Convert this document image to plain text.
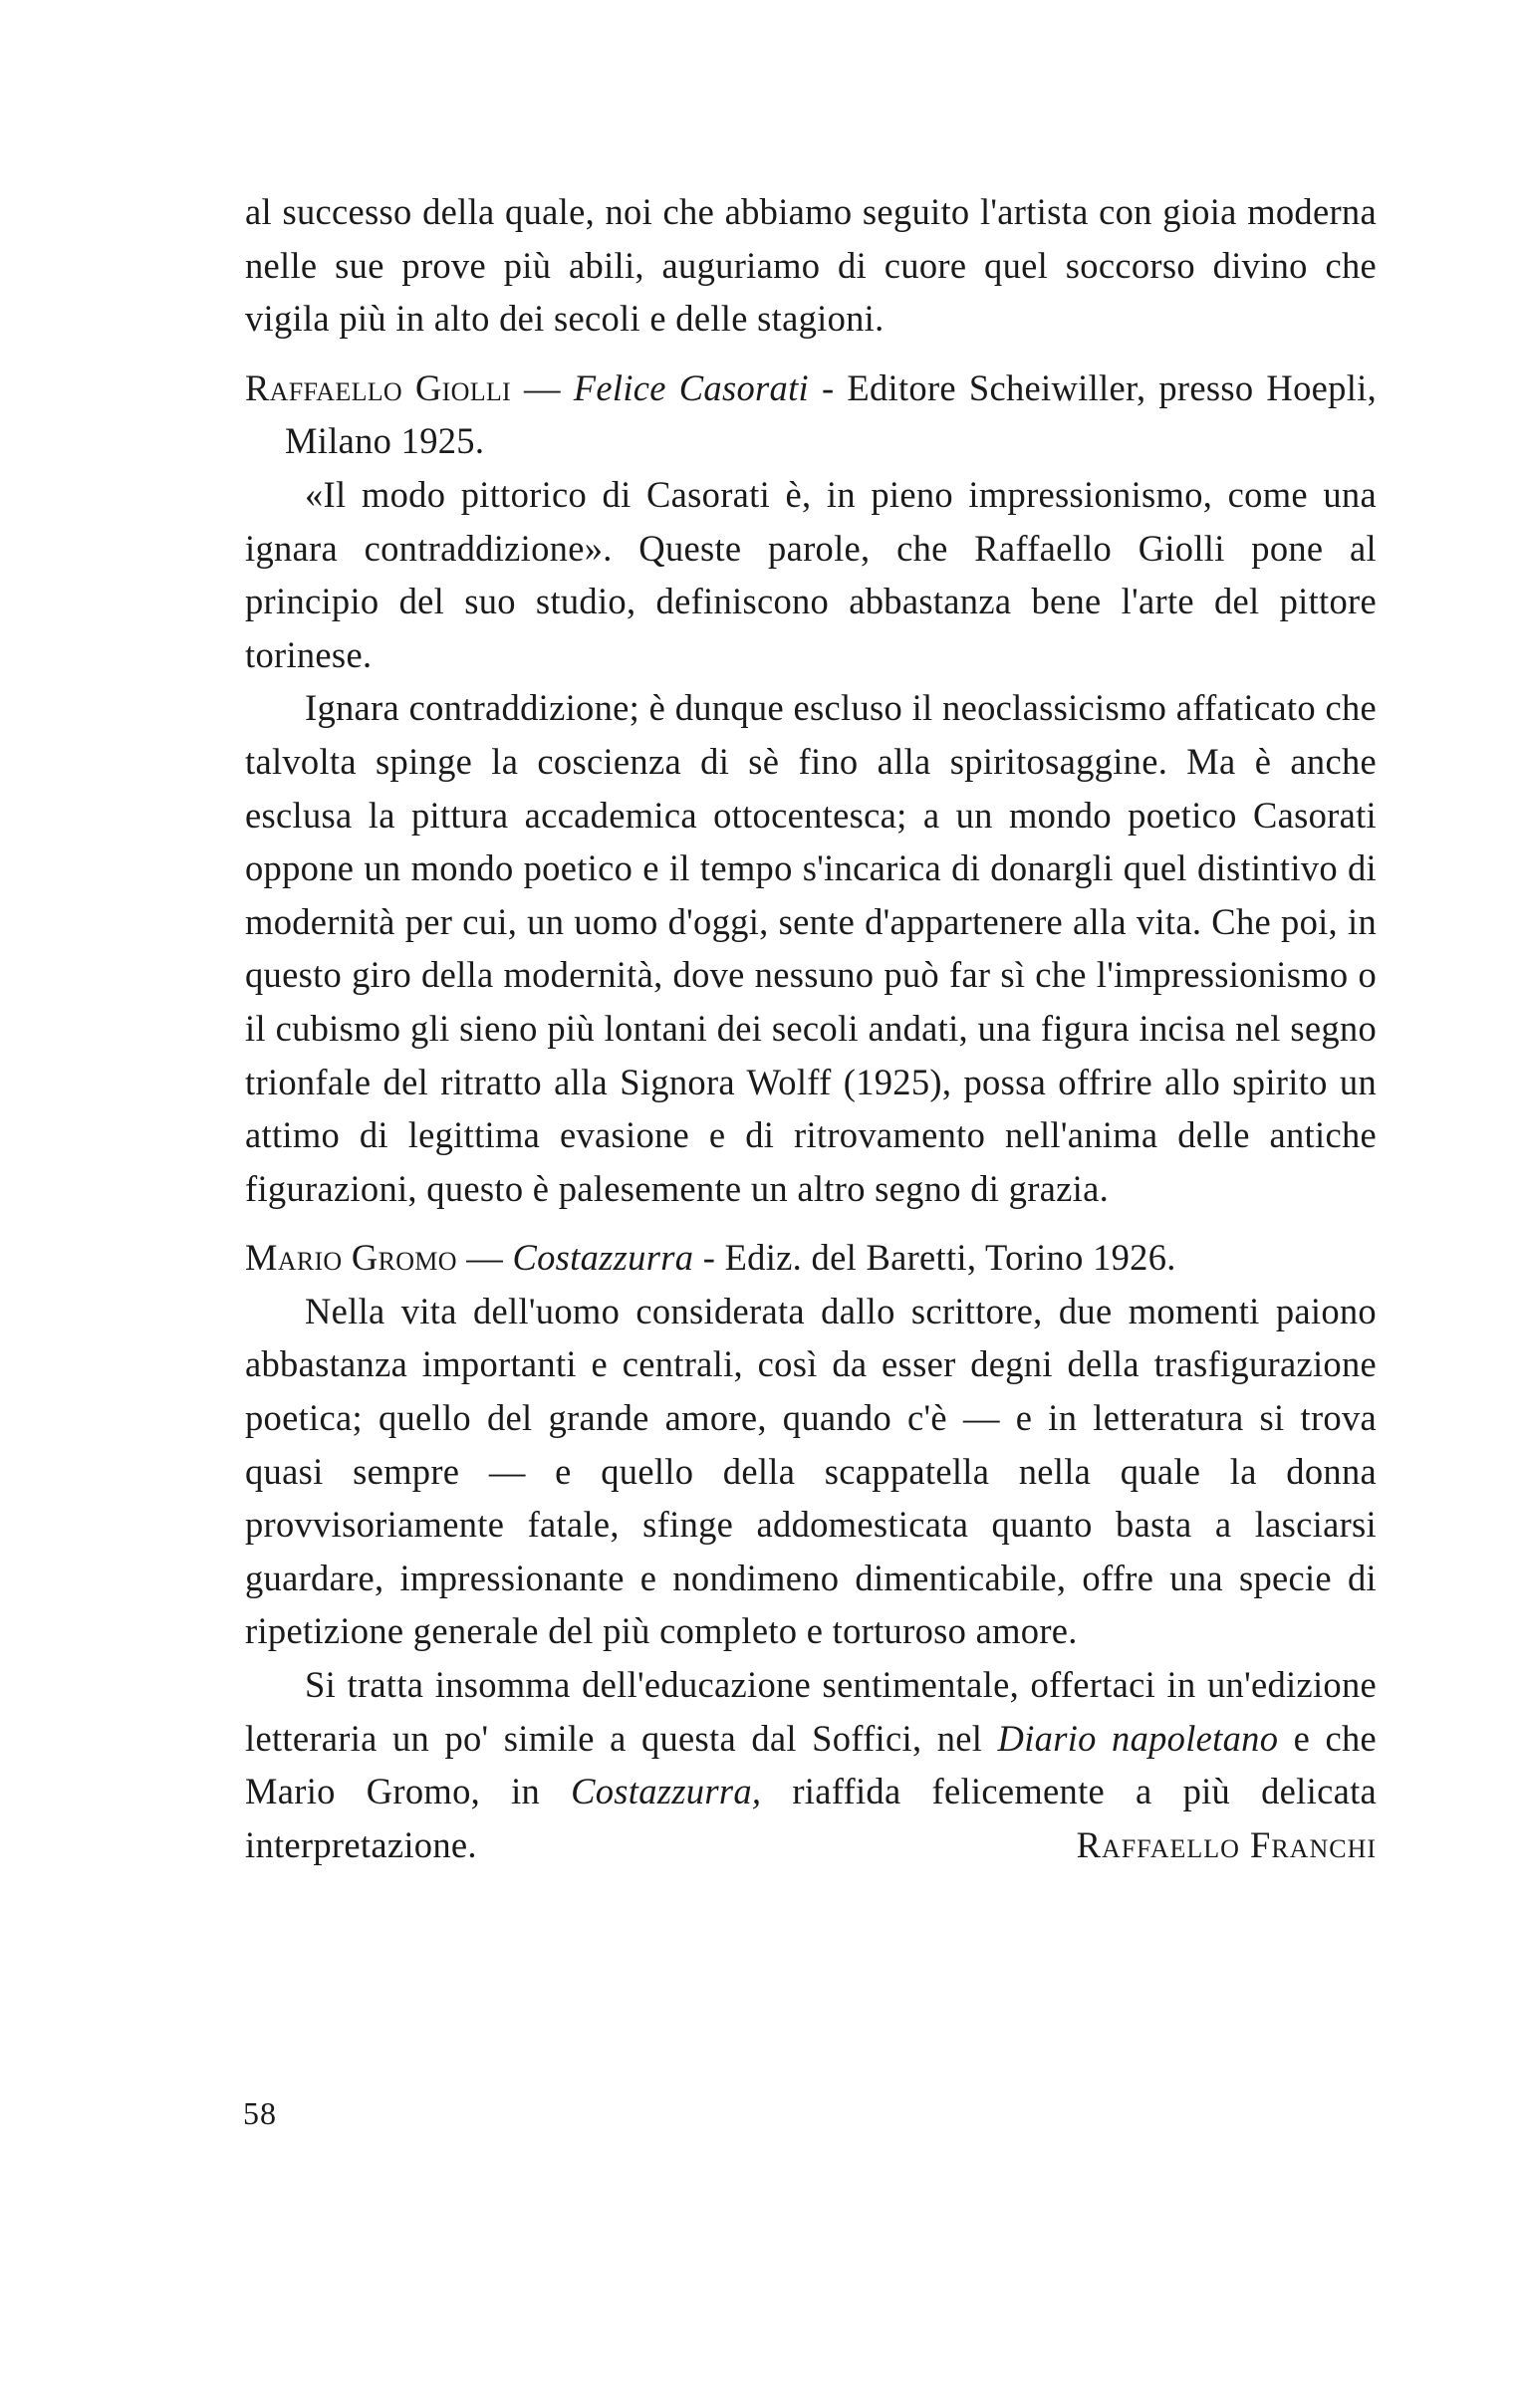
al successo della quale, noi che abbiamo seguito l'artista con gioia moderna nelle sue prove più abili, auguriamo di cuore quel soccorso divino che vigila più in alto dei secoli e delle stagioni.

Raffaello Giolli — Felice Casorati - Editore Scheiwiller, presso Hoepli, Milano 1925.

«Il modo pittorico di Casorati è, in pieno impressionismo, come una ignara contraddizione». Queste parole, che Raffaello Giolli pone al principio del suo studio, definiscono abbastanza bene l'arte del pittore torinese.

Ignara contraddizione; è dunque escluso il neoclassicismo affaticato che talvolta spinge la coscienza di sè fino alla spiritosaggine. Ma è anche esclusa la pittura accademica ottocentesca; a un mondo poetico Casorati oppone un mondo poetico e il tempo s'incarica di donargli quel distintivo di modernità per cui, un uomo d'oggi, sente d'appartenere alla vita. Che poi, in questo giro della modernità, dove nessuno può far sì che l'impressionismo o il cubismo gli sieno più lontani dei secoli andati, una figura incisa nel segno trionfale del ritratto alla Signora Wolff (1925), possa offrire allo spirito un attimo di legittima evasione e di ritrovamento nell'anima delle antiche figurazioni, questo è palesemente un altro segno di grazia.

Mario Gromo — Costazzurra - Ediz. del Baretti, Torino 1926.

Nella vita dell'uomo considerata dallo scrittore, due momenti paiono abbastanza importanti e centrali, così da esser degni della trasfigurazione poetica; quello del grande amore, quando c'è — e in letteratura si trova quasi sempre — e quello della scappatella nella quale la donna provvisoriamente fatale, sfinge addomesticata quanto basta a lasciarsi guardare, impressionante e nondimeno dimenticabile, offre una specie di ripetizione generale del più completo e torturoso amore.

Si tratta insomma dell'educazione sentimentale, offertaci in un'edizione letteraria un po' simile a questa dal Soffici, nel Diario napoletano e che Mario Gromo, in Costazzurra, riaffida felicemente a più delicata interpretazione.	Raffaello Franchi

58
